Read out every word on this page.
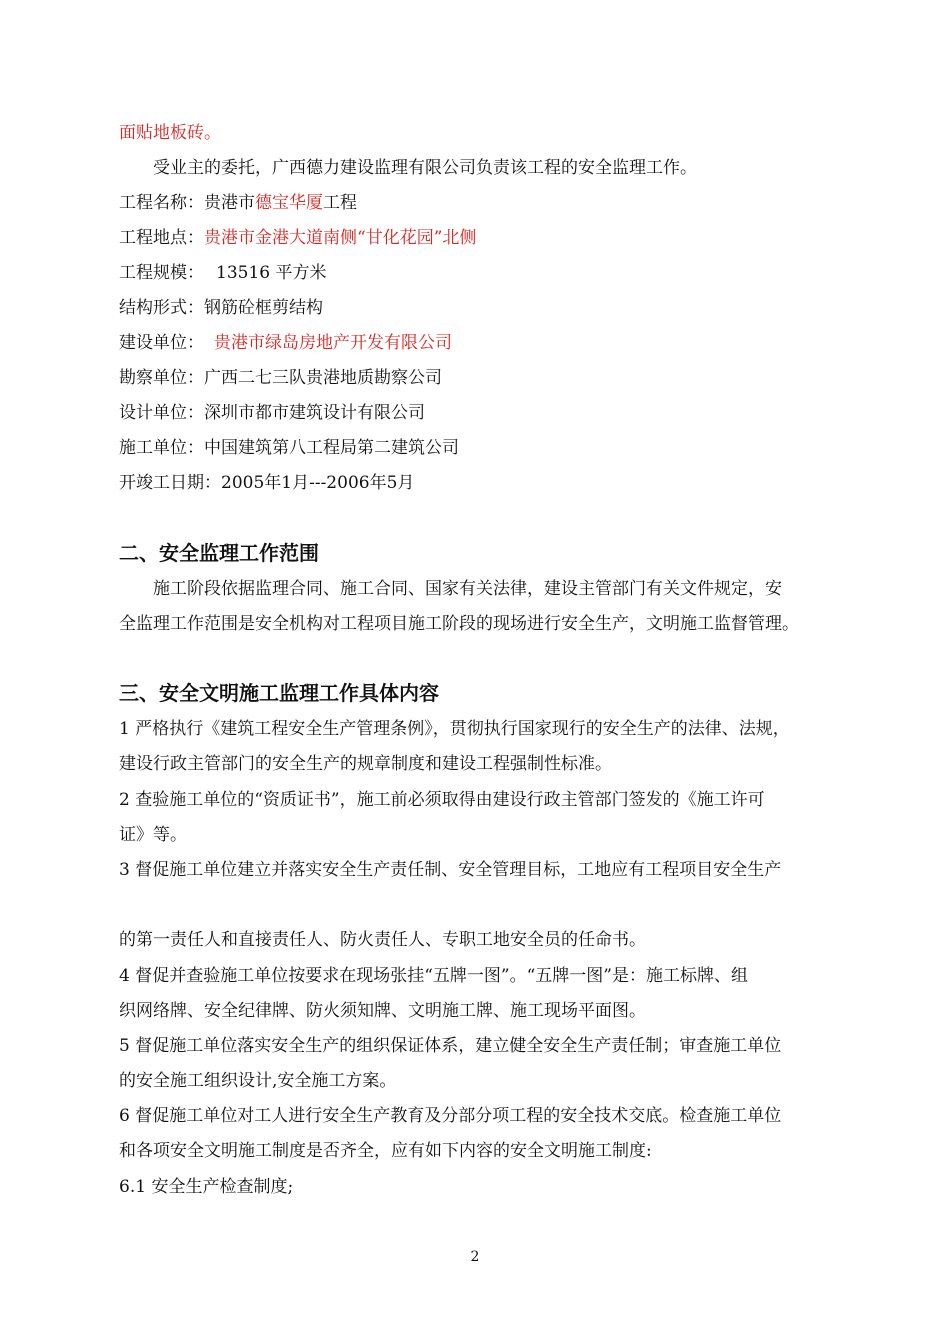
面贴地板砖。
受业主的委托，广西德力建设监理有限公司负责该工程的安全监理工作。
工程名称：贵港市德宝华厦工程
工程地点：贵港市金港大道南侧“甘化花园”北侧
工程规模： 13516 平方米
结构形式：钢筋砼框剪结构
建设单位： 贵港市绿岛房地产开发有限公司
勘察单位：广西二七三队贵港地质勘察公司
设计单位：深圳市都市建筑设计有限公司
施工单位：中国建筑第八工程局第二建筑公司
开竣工日期：2005年1月---2006年5月
二、安全监理工作范围
施工阶段依据监理合同、施工合同、国家有关法律，建设主管部门有关文件规定，安
全监理工作范围是安全机构对工程项目施工阶段的现场进行安全生产，文明施工监督管理。
三、安全文明施工监理工作具体内容
1 严格执行《建筑工程安全生产管理条例》，贯彻执行国家现行的安全生产的法律、法规，
建设行政主管部门的安全生产的规章制度和建设工程强制性标准。
2 查验施工单位的“资质证书”，施工前必须取得由建设行政主管部门签发的《施工许可
证》等。
3 督促施工单位建立并落实安全生产责任制、安全管理目标，工地应有工程项目安全生产
的第一责任人和直接责任人、防火责任人、专职工地安全员的任命书。
4 督促并查验施工单位按要求在现场张挂“五牌一图”。“五牌一图”是：施工标牌、组
织网络牌、安全纪律牌、防火须知牌、文明施工牌、施工现场平面图。
5 督促施工单位落实安全生产的组织保证体系，建立健全安全生产责任制；审查施工单位
的安全施工组织设计,安全施工方案。
6 督促施工单位对工人进行安全生产教育及分部分项工程的安全技术交底。检查施工单位
和各项安全文明施工制度是否齐全，应有如下内容的安全文明施工制度:
6.1 安全生产检查制度;
2
